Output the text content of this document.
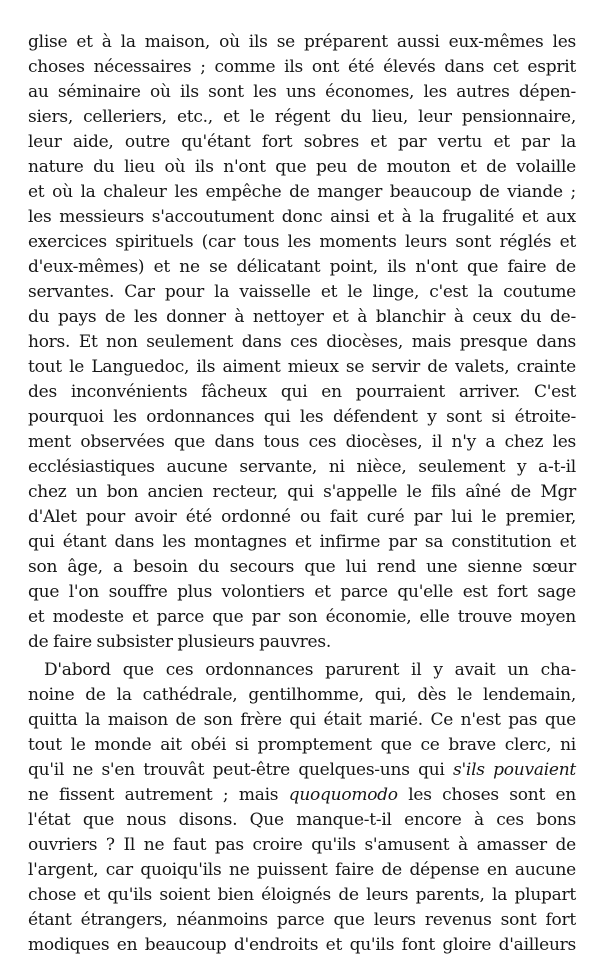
glise et à la maison, où ils se préparent aussi eux-mêmes les
choses nécessaires ; comme ils ont été élevés dans cet esprit
au séminaire où ils sont les uns économes, les autres dépen-
siers, celleriers, etc., et le régent du lieu, leur pensionnaire,
leur aide, outre qu'étant fort sobres et par vertu et par la
nature du lieu où ils n'ont que peu de mouton et de volaille
et où la chaleur les empêche de manger beaucoup de viande ;
les messieurs s'accoutument donc ainsi et à la frugalité et aux
exercices spirituels (car tous les moments leurs sont réglés et
d'eux-mêmes) et ne se délicatant point, ils n'ont que faire de
servantes. Car pour la vaisselle et le linge, c'est la coutume
du pays de les donner à nettoyer et à blanchir à ceux du de-
hors. Et non seulement dans ces diocèses, mais presque dans
tout le Languedoc, ils aiment mieux se servir de valets, crainte
des inconvénients fâcheux qui en pourraient arriver. C'est
pourquoi les ordonnances qui les défendent y sont si étroite-
ment observées que dans tous ces diocèses, il n'y a chez les
ecclésiastiques aucune servante, ni nièce, seulement y a-t-il
chez un bon ancien recteur, qui s'appelle le fils aîné de Mgr
d'Alet pour avoir été ordonné ou fait curé par lui le premier,
qui étant dans les montagnes et infirme par sa constitution et
son âge, a besoin du secours que lui rend une sienne sœur
que l'on souffre plus volontiers et parce qu'elle est fort sage
et modeste et parce que par son économie, elle trouve moyen
de faire subsister plusieurs pauvres.
D'abord que ces ordonnances parurent il y avait un cha-
noine de la cathédrale, gentilhomme, qui, dès le lendemain,
quitta la maison de son frère qui était marié. Ce n'est pas que
tout le monde ait obéi si promptement que ce brave clerc, ni
qu'il ne s'en trouvât peut-être quelques-uns qui s'ils pouvaient
ne fissent autrement ; mais quoquomodo les choses sont en
l'état que nous disons. Que manque-t-il encore à ces bons
ouvriers ? Il ne faut pas croire qu'ils s'amusent à amasser de
l'argent, car quoiqu'ils ne puissent faire de dépense en aucune
chose et qu'ils soient bien éloignés de leurs parents, la plupart
étant étrangers, néanmoins parce que leurs revenus sont fort
modiques en beaucoup d'endroits et qu'ils font gloire d'ailleurs
